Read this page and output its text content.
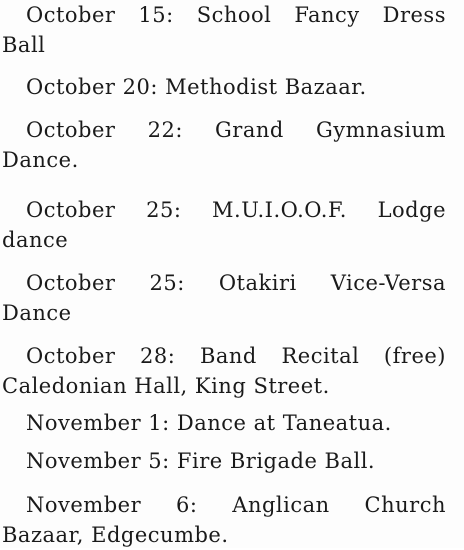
October 15: School Fancy Dress
Ball

October 20: Methodist Bazaar.

October 22: Grand Gymnasium
Dance.

October 25: M.U.I.O.O.F. Lodge
dance

October 25: Otakiri Vice-Versa
Dance

October 28: Band Recital (free)
Caledonian Hall, King Street.

November 1: Dance at Taneatua.

November 5: Fire Brigade Ball.

November 6: Anglican Church
Bazaar, Edgecumbe.
